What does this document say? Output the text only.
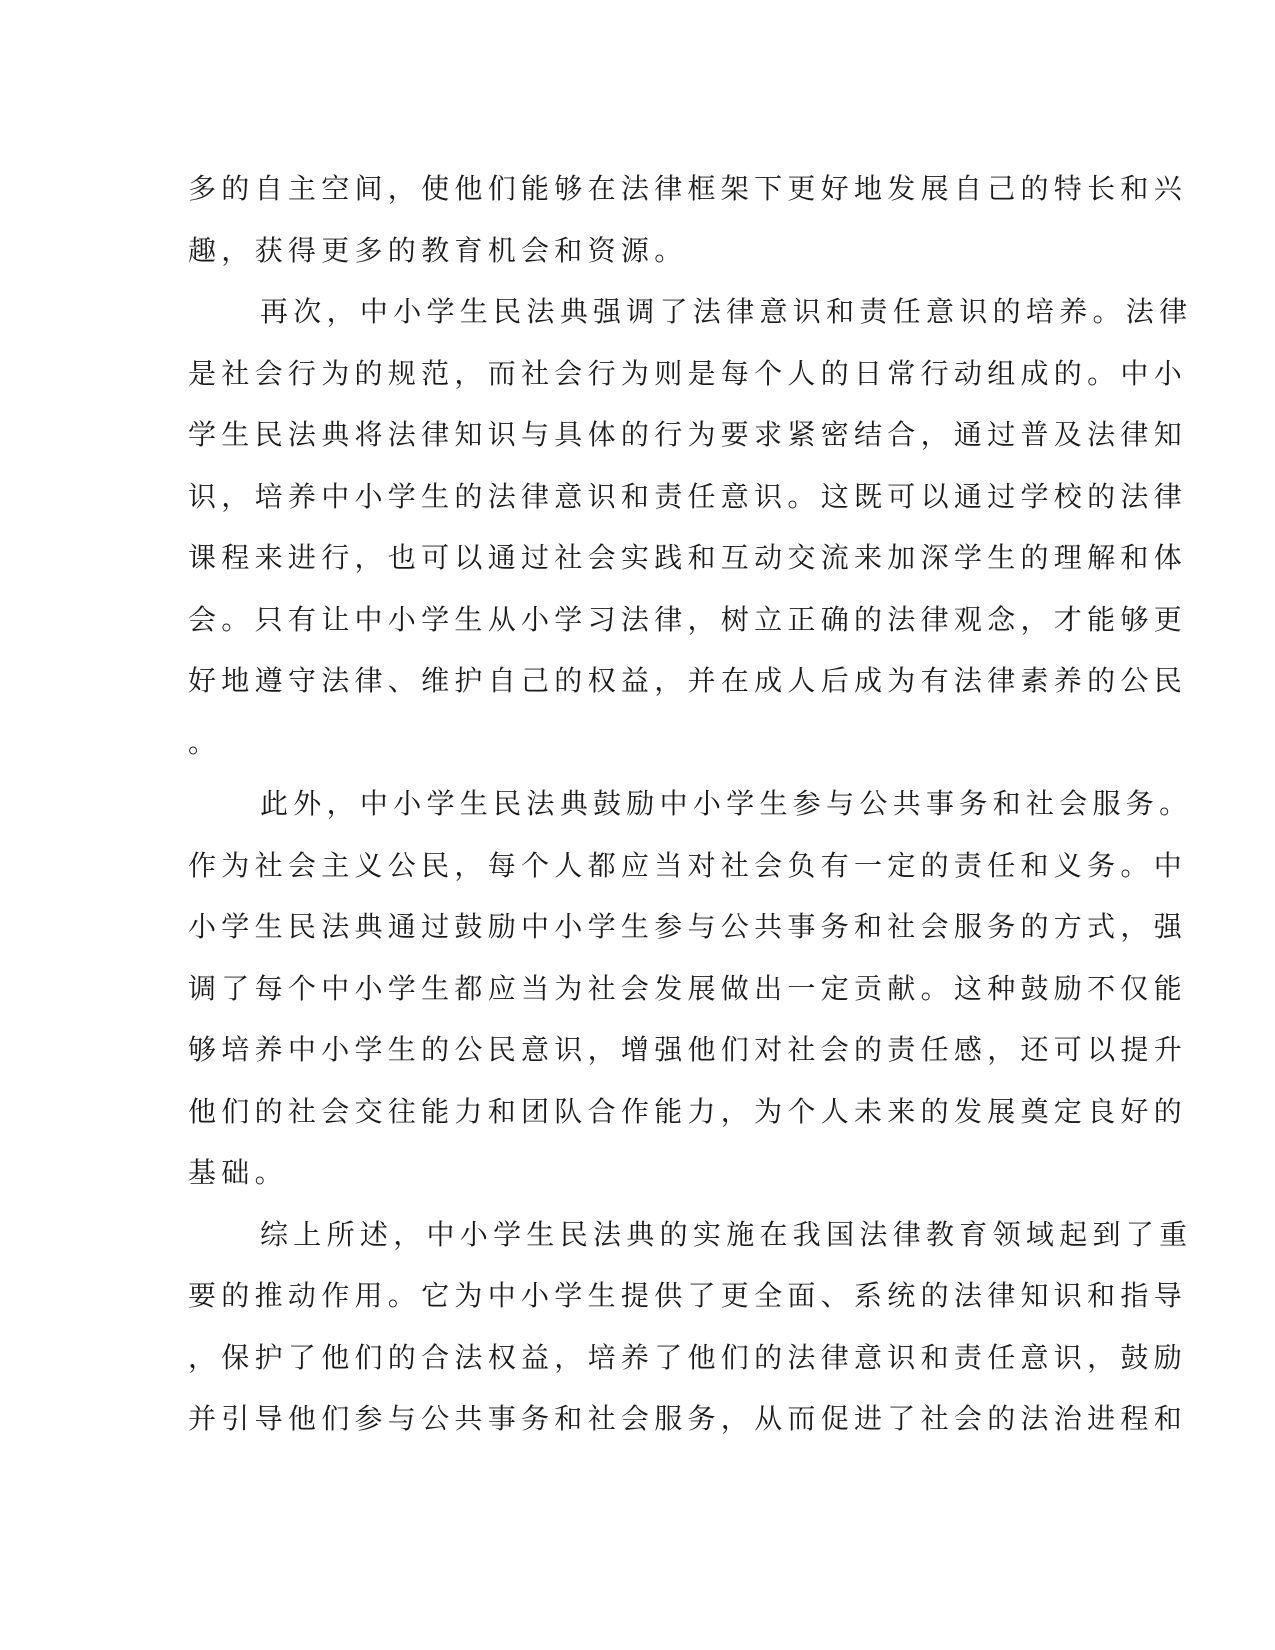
多的自主空间，使他们能够在法律框架下更好地发展自己的特长和兴
趣，获得更多的教育机会和资源。
再次，中小学生民法典强调了法律意识和责任意识的培养。法律
是社会行为的规范，而社会行为则是每个人的日常行动组成的。中小
学生民法典将法律知识与具体的行为要求紧密结合，通过普及法律知
识，培养中小学生的法律意识和责任意识。这既可以通过学校的法律
课程来进行，也可以通过社会实践和互动交流来加深学生的理解和体
会。只有让中小学生从小学习法律，树立正确的法律观念，才能够更
好地遵守法律、维护自己的权益，并在成人后成为有法律素养的公民
。
此外，中小学生民法典鼓励中小学生参与公共事务和社会服务。
作为社会主义公民，每个人都应当对社会负有一定的责任和义务。中
小学生民法典通过鼓励中小学生参与公共事务和社会服务的方式，强
调了每个中小学生都应当为社会发展做出一定贡献。这种鼓励不仅能
够培养中小学生的公民意识，增强他们对社会的责任感，还可以提升
他们的社会交往能力和团队合作能力，为个人未来的发展奠定良好的
基础。
综上所述，中小学生民法典的实施在我国法律教育领域起到了重
要的推动作用。它为中小学生提供了更全面、系统的法律知识和指导
，保护了他们的合法权益，培养了他们的法律意识和责任意识，鼓励
并引导他们参与公共事务和社会服务，从而促进了社会的法治进程和
